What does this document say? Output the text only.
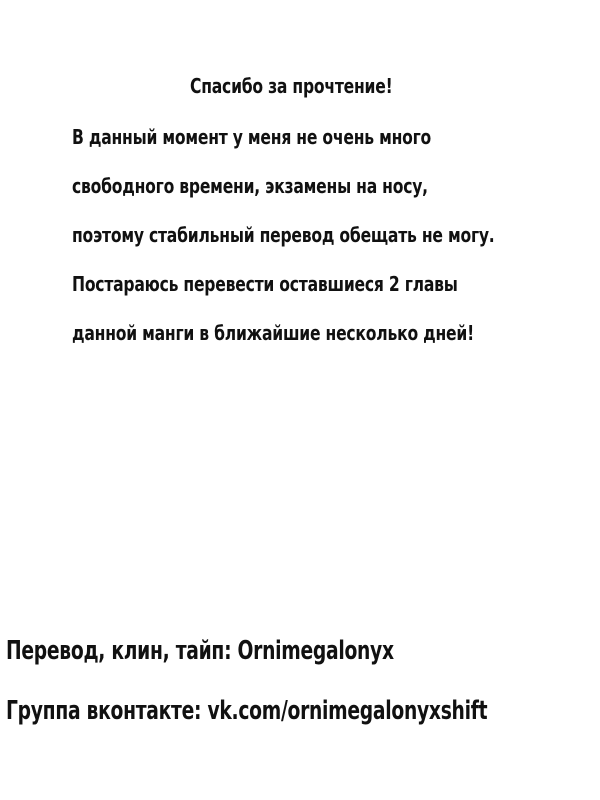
Спасибо за прочтение!
В данный момент у меня не очень много
свободного времени, экзамены на носу,
поэтому стабильный перевод обещать не могу.
Постараюсь перевести оставшиеся 2 главы
данной манги в ближайшие несколько дней!
Перевод, клин, тайп: Ornimegalonyx
Группа вконтакте: vk.com/ornimegalonyxshift
